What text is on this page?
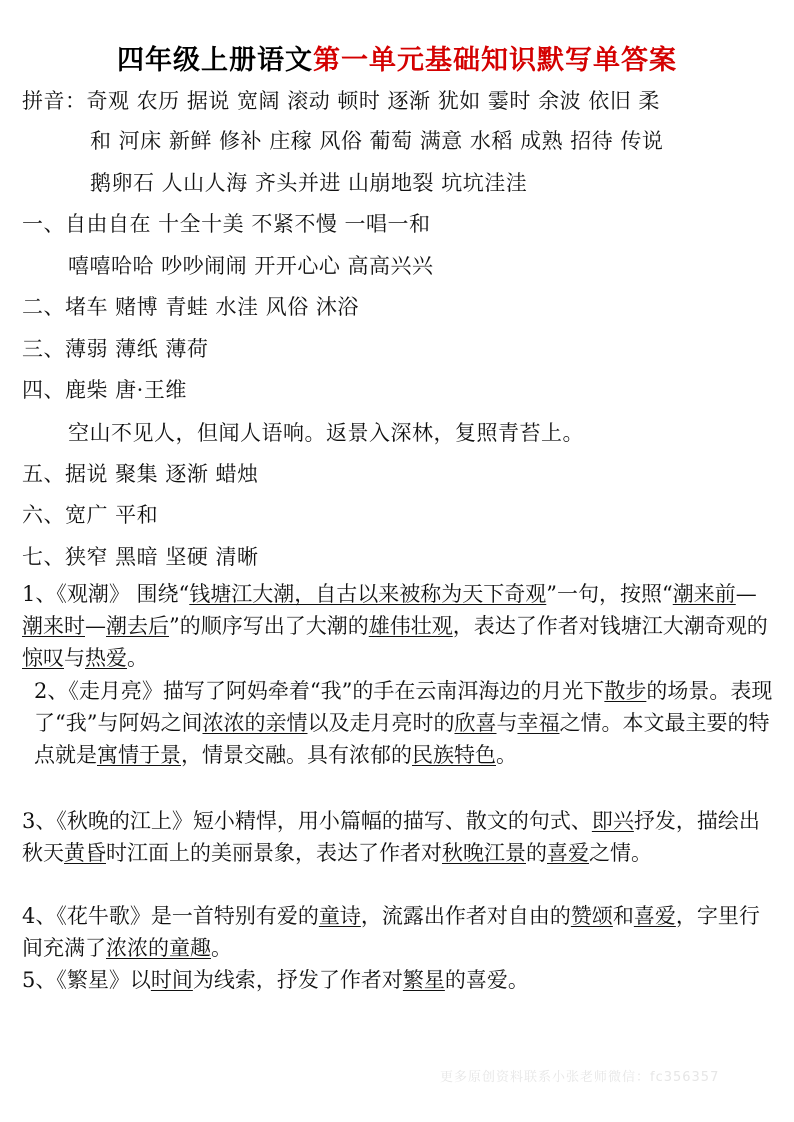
四年级上册语文第一单元基础知识默写单答案
拼音：奇观 农历 据说 宽阔 滚动 顿时 逐渐 犹如 霎时 余波 依旧 柔
和 河床 新鲜 修补 庄稼 风俗 葡萄 满意 水稻 成熟 招待 传说
鹅卵石 人山人海 齐头并进 山崩地裂 坑坑洼洼
一、自由自在 十全十美 不紧不慢 一唱一和
嘻嘻哈哈 吵吵闹闹 开开心心 高高兴兴
二、堵车 赌博 青蛙 水洼 风俗 沐浴
三、薄弱 薄纸 薄荷
四、鹿柴 唐·王维
空山不见人，但闻人语响。返景入深林，复照青苔上。
五、据说 聚集 逐渐 蜡烛
六、宽广 平和
七、狭窄 黑暗 坚硬 清晰
1、《观潮》 围绕“钱塘江大潮，自古以来被称为天下奇观”一句，按照“潮来前—潮来时—潮去后”的顺序写出了大潮的雄伟壮观，表达了作者对钱塘江大潮奇观的惊叹与热爱。
2、《走月亮》描写了阿妈牵着“我”的手在云南洱海边的月光下散步的场景。表现了“我”与阿妈之间浓浓的亲情以及走月亮时的欣喜与幸福之情。本文最主要的特点就是寓情于景，情景交融。具有浓郁的民族特色。
3、《秋晚的江上》短小精悍，用小篇幅的描写、散文的句式、即兴抒发，描绘出秋天黄昏时江面上的美丽景象，表达了作者对秋晚江景的喜爱之情。
4、《花牛歌》是一首特别有爱的童诗，流露出作者对自由的赞颂和喜爱，字里行间充满了浓浓的童趣。
5、《繁星》以时间为线索，抒发了作者对繁星的喜爱。
更多原创资料联系小张老师微信：fc356357
